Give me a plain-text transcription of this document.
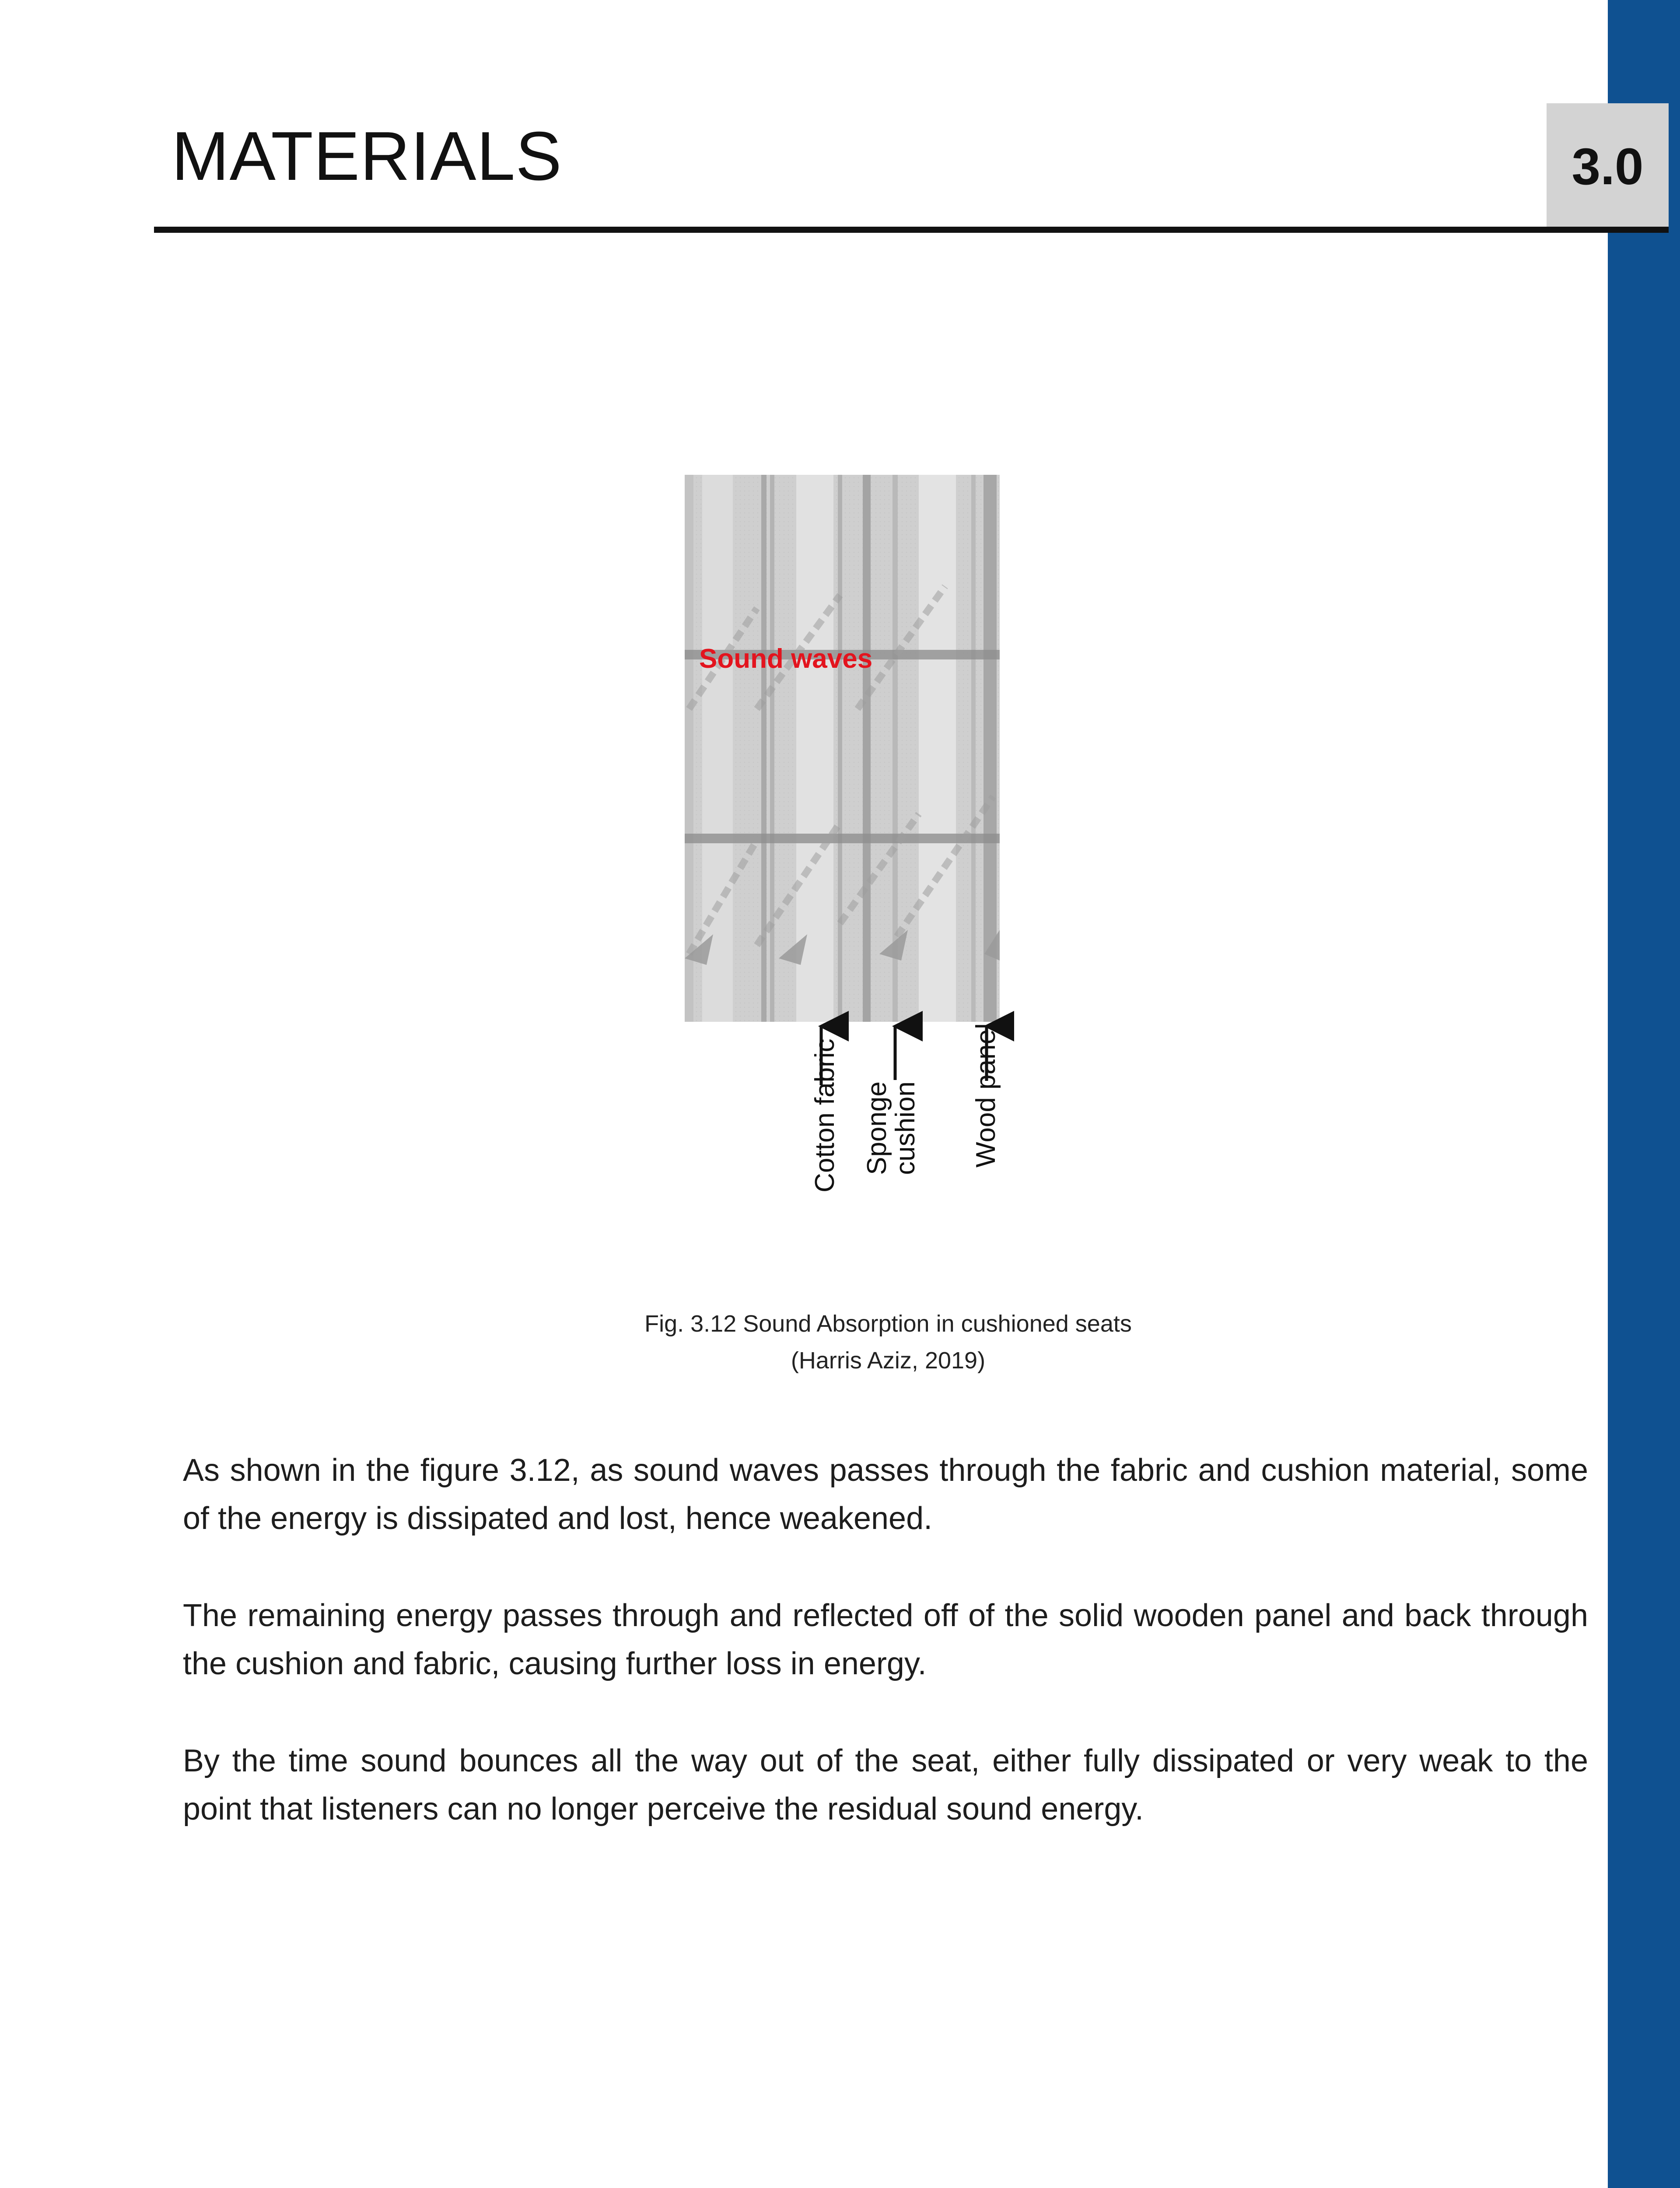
MATERIALS	3.0
Sound waves
Cotton fabric Sponge
cushion Wood panel
Fig. 3.12 Sound Absorption in cushioned seats
(Harris Aziz, 2019)

As shown in the figure 3.12, as sound waves passes through the fabric and cushion material, some of the energy is dissipated and lost, hence weakened.

The remaining energy passes through and reflected off of the solid wooden panel and back through the cushion and fabric, causing further loss in energy.

By the time sound bounces all the way out of the seat, either fully dissipated or very weak to the point that listeners can no longer perceive the residual sound energy.
